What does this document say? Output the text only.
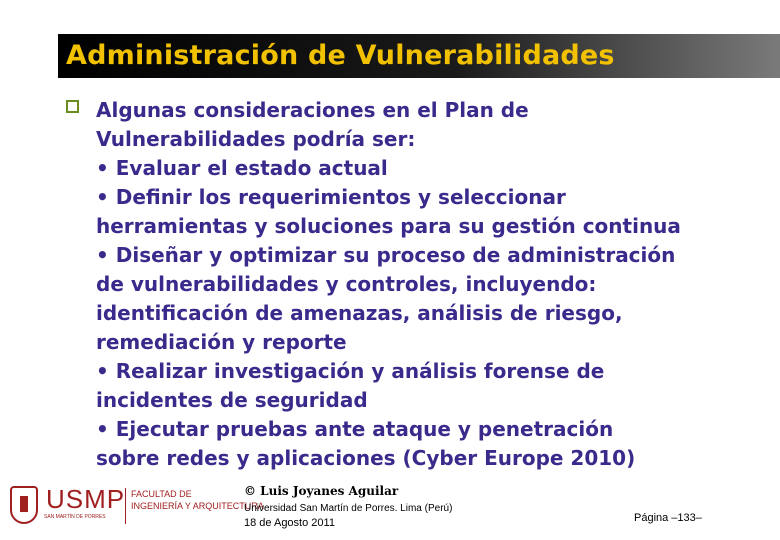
Administración de Vulnerabilidades
Algunas consideraciones en el Plan de
Vulnerabilidades podría ser:
• Evaluar el estado actual
• Definir los requerimientos y seleccionar
herramientas y soluciones para su gestión continua
• Diseñar y optimizar su proceso de administración
de vulnerabilidades y controles, incluyendo:
identificación de amenazas, análisis de riesgo,
remediación y reporte
• Realizar investigación y análisis forense de
incidentes de seguridad
• Ejecutar pruebas ante ataque y penetración
sobre redes y aplicaciones (Cyber Europe 2010)
USMP
SAN MARTÍN DE PORRES
FACULTAD DE
INGENIERÍA Y ARQUITECTURA
© Luis Joyanes Aguilar
Universidad San Martín de Porres. Lima (Perú)
18 de Agosto 2011	Página –133–
